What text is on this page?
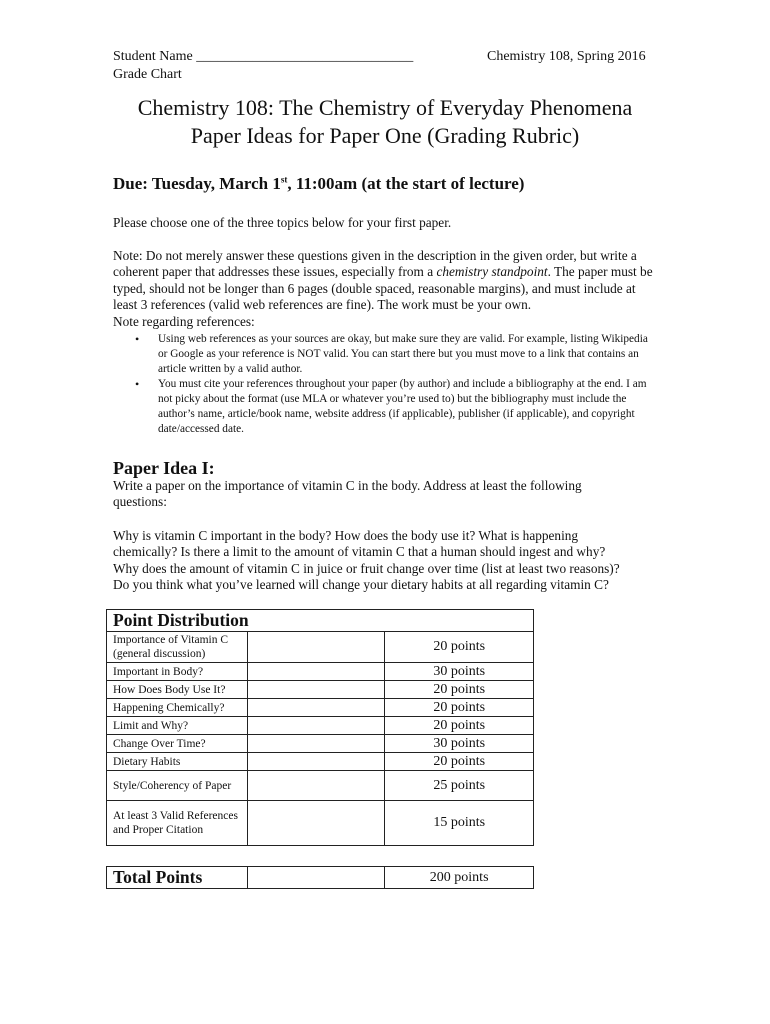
Student Name _______________________________
Grade Chart
Chemistry 108, Spring 2016
Chemistry 108: The Chemistry of Everyday Phenomena
Paper Ideas for Paper One (Grading Rubric)
Due: Tuesday, March 1st, 11:00am (at the start of lecture)
Please choose one of the three topics below for your first paper.
Note: Do not merely answer these questions given in the description in the given order, but write a coherent paper that addresses these issues, especially from a chemistry standpoint. The paper must be typed, should not be longer than 6 pages (double spaced, reasonable margins), and must include at least 3 references (valid web references are fine). The work must be your own.
Note regarding references:
• Using web references as your sources are okay, but make sure they are valid. For example, listing Wikipedia or Google as your reference is NOT valid. You can start there but you must move to a link that contains an article written by a valid author.
• You must cite your references throughout your paper (by author) and include a bibliography at the end. I am not picky about the format (use MLA or whatever you’re used to) but the bibliography must include the author’s name, article/book name, website address (if applicable), publisher (if applicable), and copyright date/accessed date.
Paper Idea I:
Write a paper on the importance of vitamin C in the body. Address at least the following questions:
Why is vitamin C important in the body? How does the body use it? What is happening chemically? Is there a limit to the amount of vitamin C that a human should ingest and why? Why does the amount of vitamin C in juice or fruit change over time (list at least two reasons)? Do you think what you’ve learned will change your dietary habits at all regarding vitamin C?
Point Distribution		
Importance of Vitamin C (general discussion)		20 points
Important in Body?		30 points
How Does Body Use It?		20 points
Happening Chemically?		20 points
Limit and Why?		20 points
Change Over Time?		30 points
Dietary Habits		20 points
Style/Coherency of Paper		25 points
At least 3 Valid References and Proper Citation		15 points
Total Points		200 points
